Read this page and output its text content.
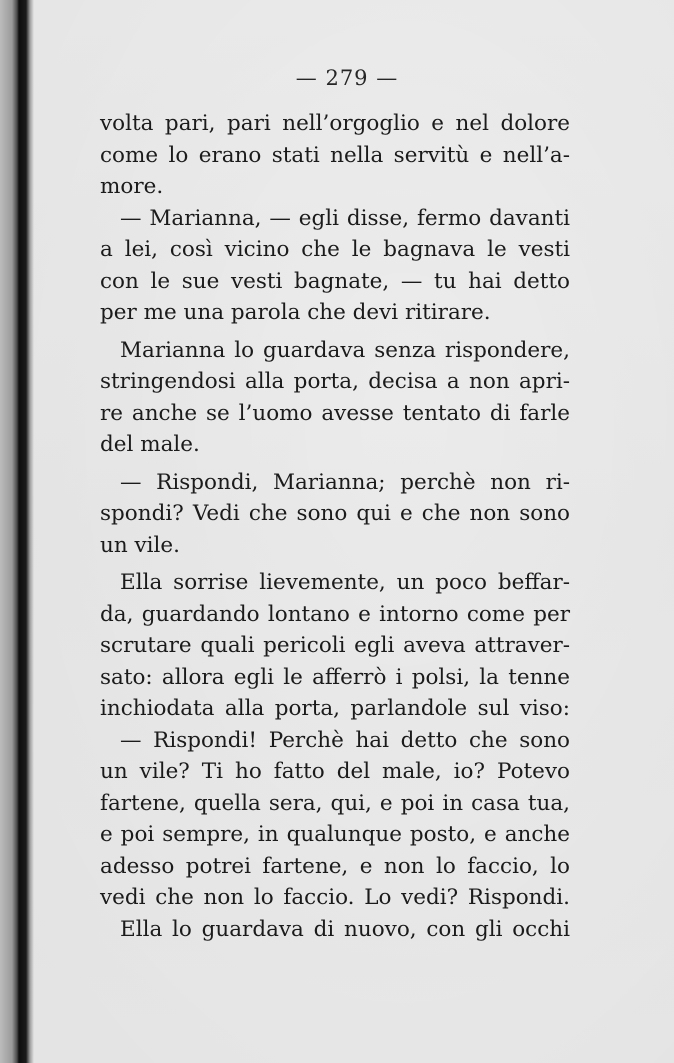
— 279 —
volta pari, pari nell’orgoglio e nel dolore
come lo erano stati nella servitù e nell’a-
more.
— Marianna, — egli disse, fermo davanti
a lei, così vicino che le bagnava le vesti
con le sue vesti bagnate, — tu hai detto
per me una parola che devi ritirare.
Marianna lo guardava senza rispondere,
stringendosi alla porta, decisa a non apri-
re anche se l’uomo avesse tentato di farle
del male.
— Rispondi, Marianna; perchè non ri-
spondi? Vedi che sono qui e che non sono
un vile.
Ella sorrise lievemente, un poco beffar-
da, guardando lontano e intorno come per
scrutare quali pericoli egli aveva attraver-
sato: allora egli le afferrò i polsi, la tenne
inchiodata alla porta, parlandole sul viso:
— Rispondi! Perchè hai detto che sono
un vile? Ti ho fatto del male, io? Potevo
fartene, quella sera, qui, e poi in casa tua,
e poi sempre, in qualunque posto, e anche
adesso potrei fartene, e non lo faccio, lo
vedi che non lo faccio. Lo vedi? Rispondi.
Ella lo guardava di nuovo, con gli occhi
